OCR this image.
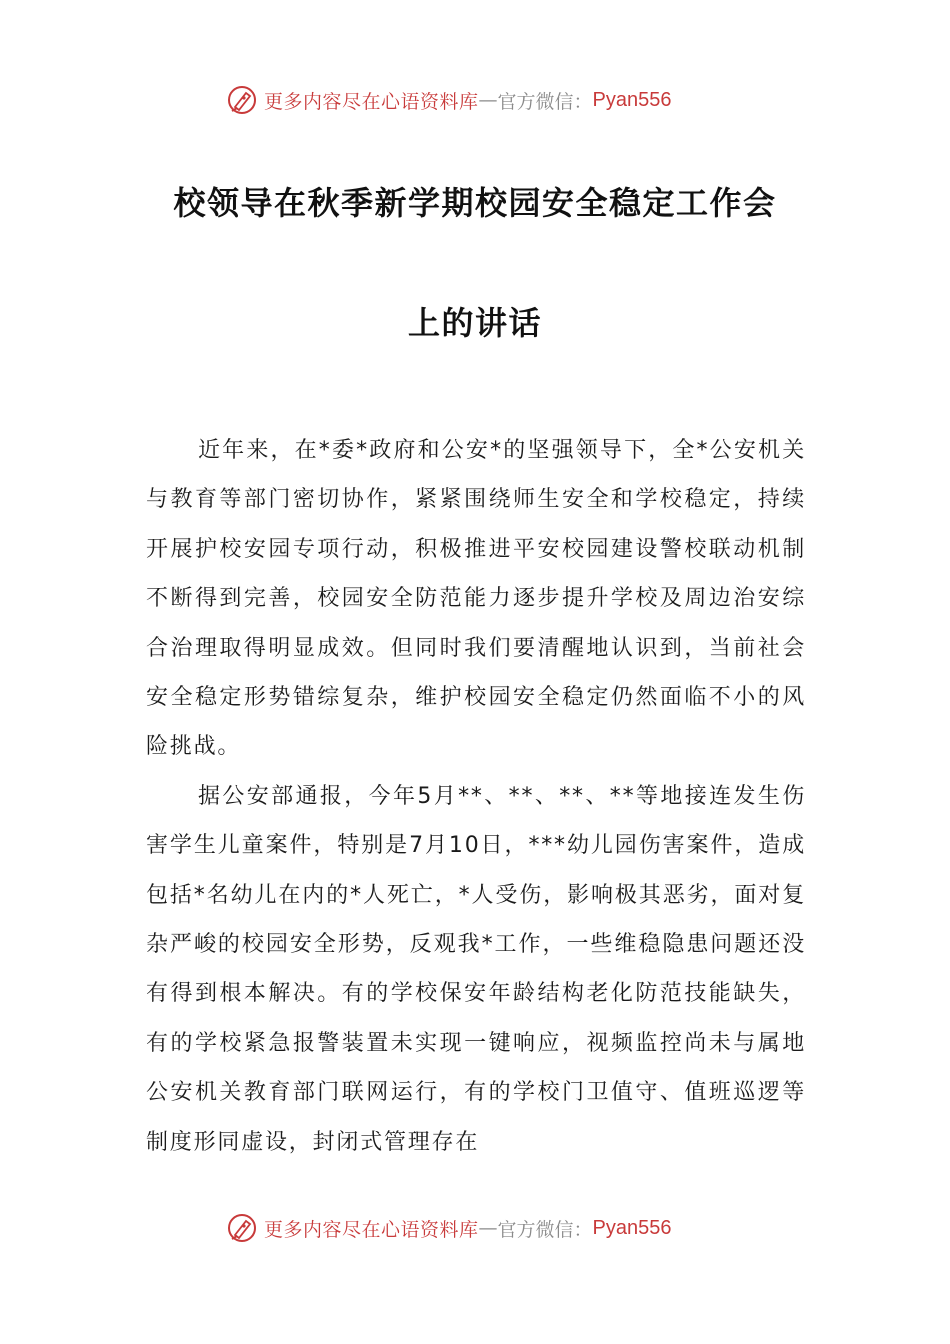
更多内容尽在心语资料库 — 官方微信： Pyan556
校领导在秋季新学期校园安全稳定工作会
上的讲话

近年来，在*委*政府和公安*的坚强领导下，全*公安机关与教育等部门密切协作，紧紧围绕师生安全和学校稳定，持续开展护校安园专项行动，积极推进平安校园建设警校联动机制不断得到完善，校园安全防范能力逐步提升学校及周边治安综合治理取得明显成效。但同时我们要清醒地认识到，当前社会安全稳定形势错综复杂，维护校园安全稳定仍然面临不小的风险挑战。

据公安部通报，今年5月**、**、**、**等地接连发生伤害学生儿童案件，特别是7月10日，***幼儿园伤害案件，造成包括*名幼儿在内的*人死亡，*人受伤，影响极其恶劣，面对复杂严峻的校园安全形势，反观我*工作，一些维稳隐患问题还没有得到根本解决。有的学校保安年龄结构老化防范技能缺失，有的学校紧急报警装置未实现一键响应，视频监控尚未与属地公安机关教育部门联网运行，有的学校门卫值守、值班巡逻等制度形同虚设，封闭式管理存在

更多内容尽在心语资料库 — 官方微信： Pyan556
